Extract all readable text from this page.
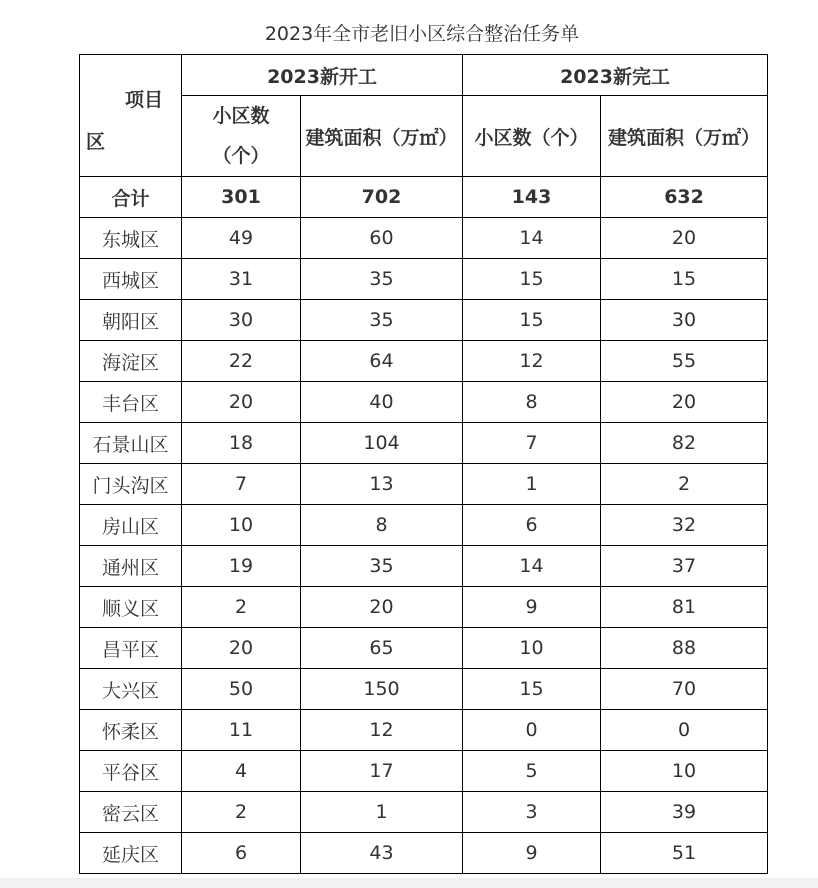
2023年全市老旧小区综合整治任务单
项目
区	2023新开工		2023新完工	
	小区数（个）	建筑面积（万㎡）	小区数（个）	建筑面积（万㎡）
合计	301	702	143	632
东城区	49	60	14	20
西城区	31	35	15	15
朝阳区	30	35	15	30
海淀区	22	64	12	55
丰台区	20	40	8	20
石景山区	18	104	7	82
门头沟区	7	13	1	2
房山区	10	8	6	32
通州区	19	35	14	37
顺义区	2	20	9	81
昌平区	20	65	10	88
大兴区	50	150	15	70
怀柔区	11	12	0	0
平谷区	4	17	5	10
密云区	2	1	3	39
延庆区	6	43	9	51
